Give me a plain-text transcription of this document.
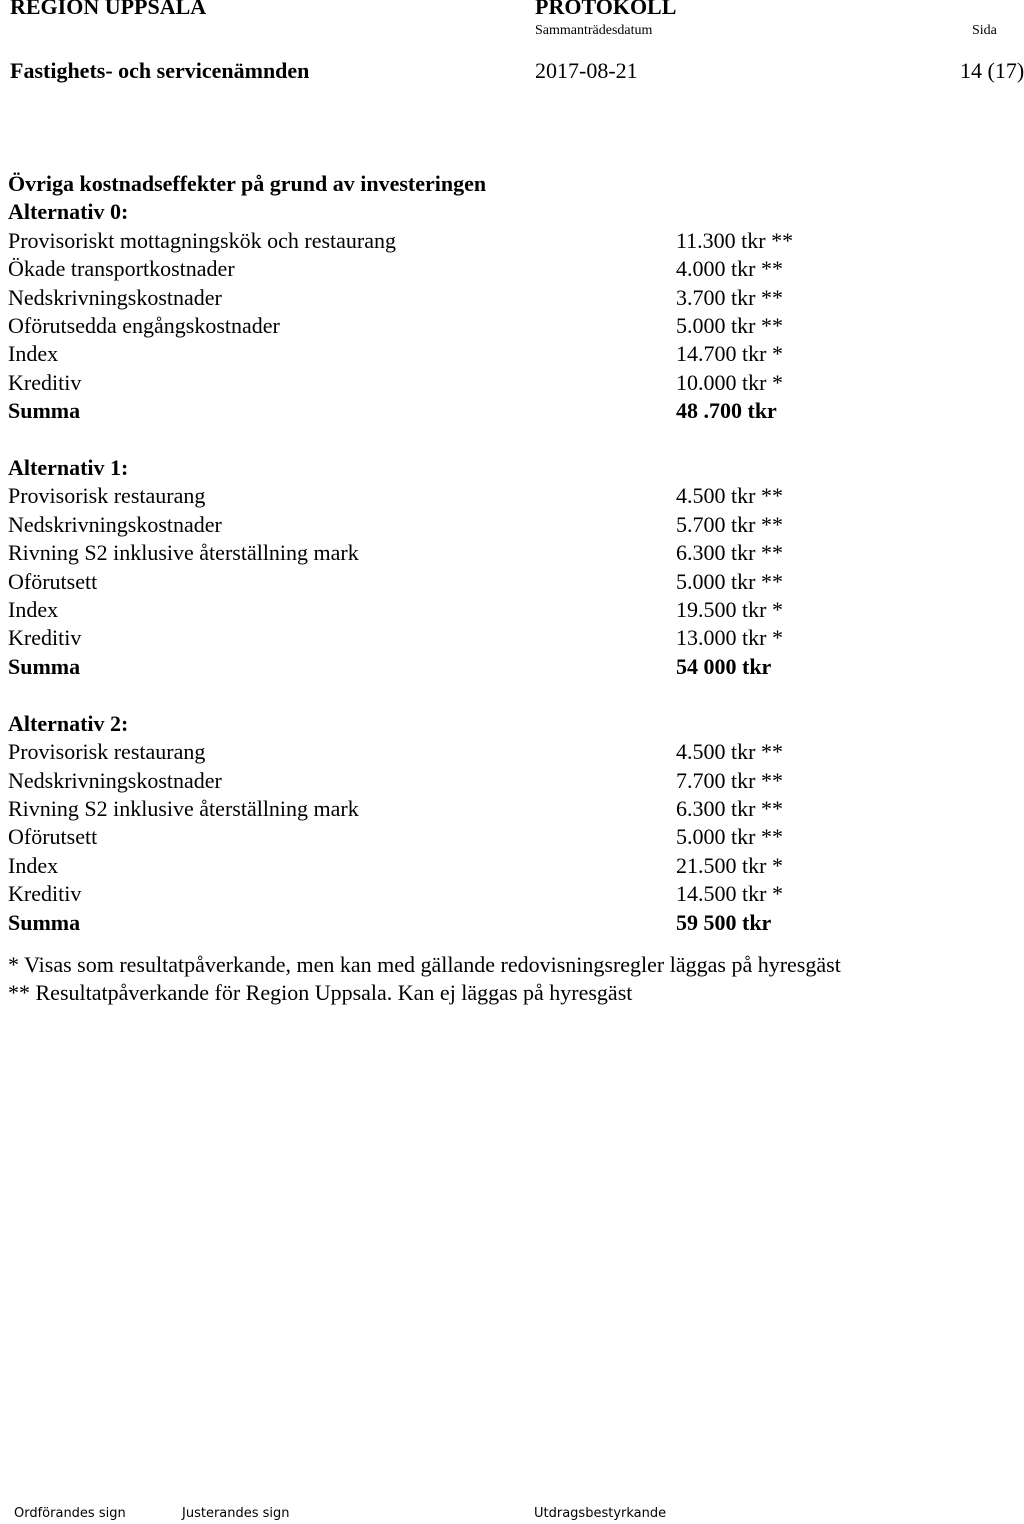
REGION UPPSALA	PROTOKOLL
Sammanträdesdatum	Sida
Fastighets- och servicenämnden	2017-08-21	14 (17)
Övriga kostnadseffekter på grund av investeringen
Alternativ 0:
Provisoriskt mottagningskök och restaurang	11.300 tkr **
Ökade transportkostnader	4.000 tkr **
Nedskrivningskostnader	3.700 tkr **
Oförutsedda engångskostnader	5.000 tkr **
Index	14.700 tkr *
Kreditiv	10.000 tkr *
Summa	48 .700 tkr
Alternativ 1:
Provisorisk restaurang	4.500 tkr **
Nedskrivningskostnader	5.700 tkr **
Rivning S2 inklusive återställning mark	6.300 tkr **
Oförutsett	5.000 tkr **
Index	19.500 tkr *
Kreditiv	13.000 tkr *
Summa	54 000 tkr
Alternativ 2:
Provisorisk restaurang	4.500 tkr **
Nedskrivningskostnader	7.700 tkr **
Rivning S2 inklusive återställning mark	6.300 tkr **
Oförutsett	5.000 tkr **
Index	21.500 tkr *
Kreditiv	14.500 tkr *
Summa	59 500 tkr
* Visas som resultatpåverkande, men kan med gällande redovisningsregler läggas på hyresgäst
** Resultatpåverkande för Region Uppsala. Kan ej läggas på hyresgäst
Ordförandes sign	Justerandes sign	Utdragsbestyrkande
